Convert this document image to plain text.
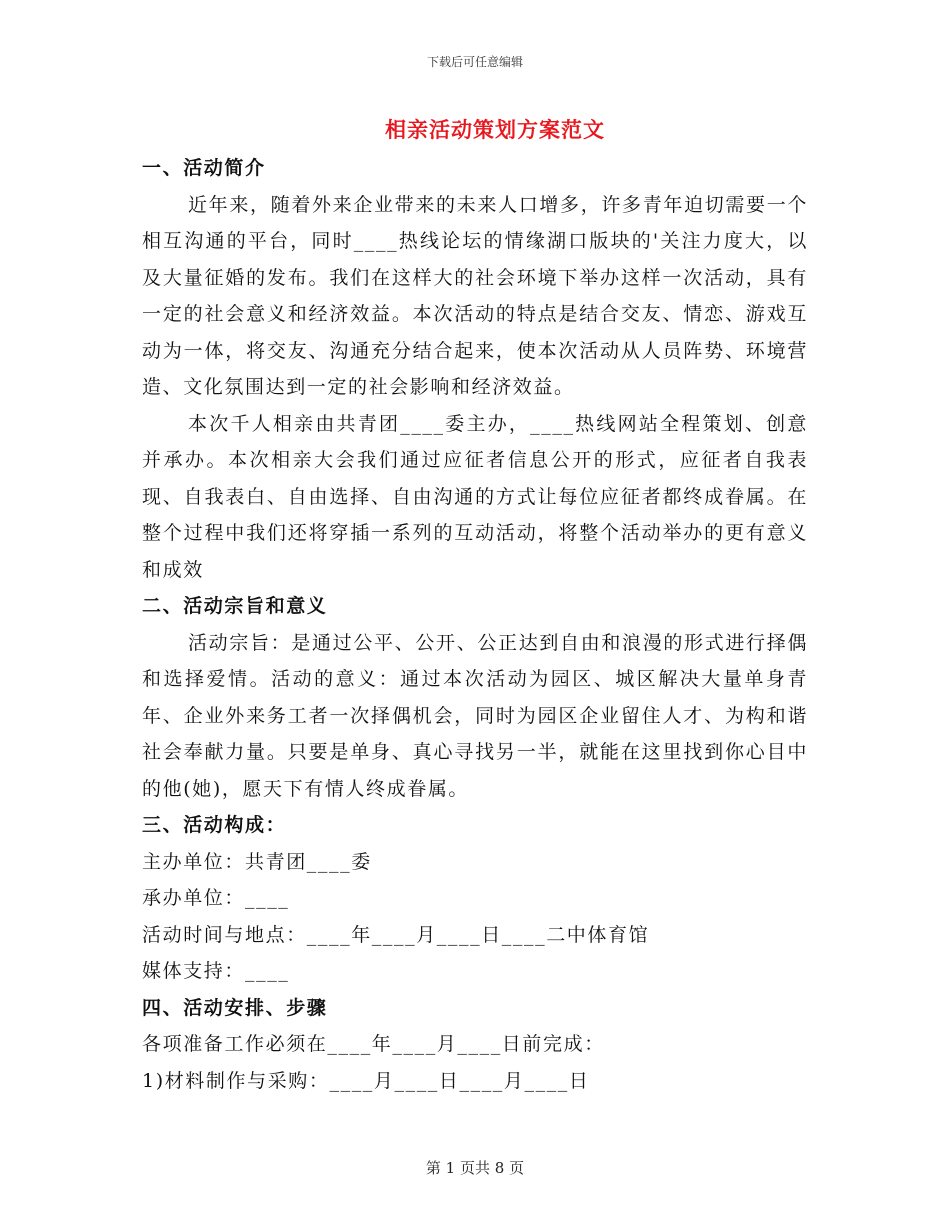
下载后可任意编辑
相亲活动策划方案范文

一、活动简介

近年来，随着外来企业带来的未来人口增多，许多青年迫切需要一个相互沟通的平台，同时____热线论坛的情缘湖口版块的'关注力度大，以及大量征婚的发布。我们在这样大的社会环境下举办这样一次活动，具有一定的社会意义和经济效益。本次活动的特点是结合交友、情恋、游戏互动为一体，将交友、沟通充分结合起来，使本次活动从人员阵势、环境营造、文化氛围达到一定的社会影响和经济效益。

本次千人相亲由共青团____委主办，____热线网站全程策划、创意并承办。本次相亲大会我们通过应征者信息公开的形式，应征者自我表现、自我表白、自由选择、自由沟通的方式让每位应征者都终成眷属。在整个过程中我们还将穿插一系列的互动活动，将整个活动举办的更有意义和成效

二、活动宗旨和意义

活动宗旨：是通过公平、公开、公正达到自由和浪漫的形式进行择偶和选择爱情。活动的意义：通过本次活动为园区、城区解决大量单身青年、企业外来务工者一次择偶机会，同时为园区企业留住人才、为构和谐社会奉献力量。只要是单身、真心寻找另一半，就能在这里找到你心目中的他(她)，愿天下有情人终成眷属。

三、活动构成：

主办单位：共青团____委

承办单位：____

活动时间与地点：____年____月____日____二中体育馆

媒体支持：____

四、活动安排、步骤

各项准备工作必须在____年____月____日前完成：

1)材料制作与采购：____月____日____月____日

第 1 页共 8 页
